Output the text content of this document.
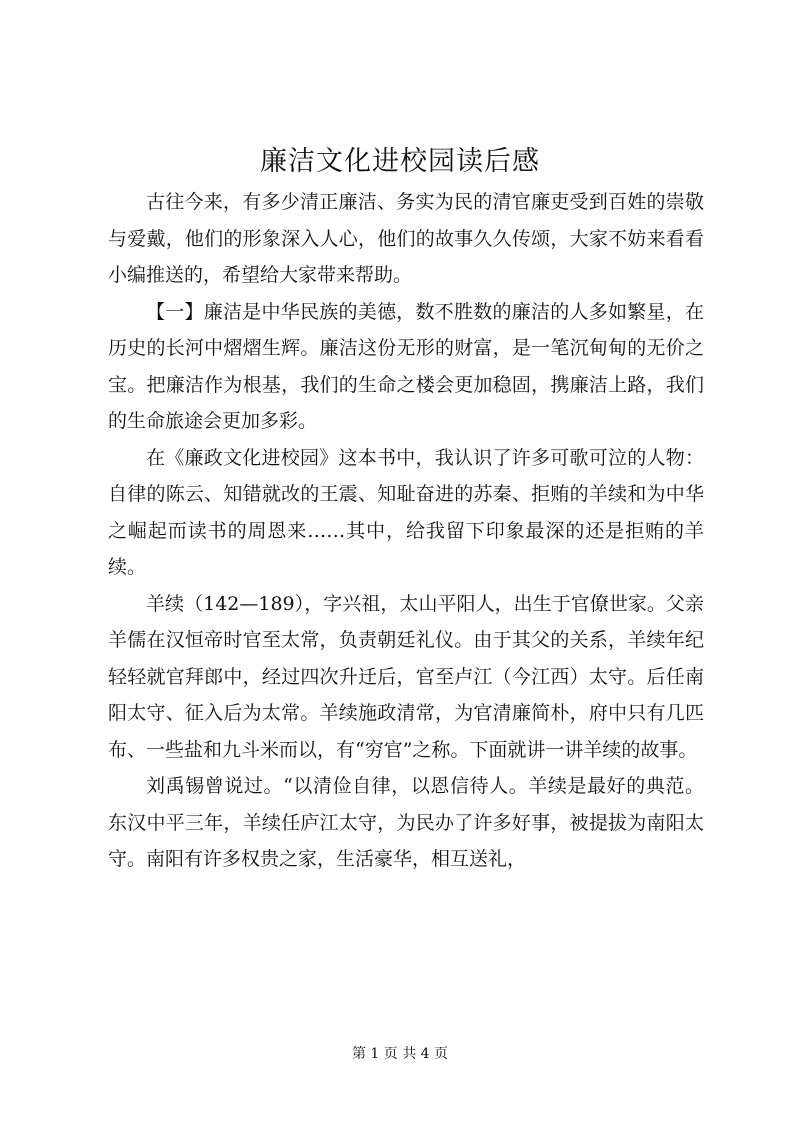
廉洁文化进校园读后感

古往今来，有多少清正廉洁、务实为民的清官廉吏受到百姓的崇敬与爱戴，他们的形象深入人心，他们的故事久久传颂，大家不妨来看看小编推送的，希望给大家带来帮助。

【一】廉洁是中华民族的美德，数不胜数的廉洁的人多如繁星，在历史的长河中熠熠生辉。廉洁这份无形的财富，是一笔沉甸甸的无价之宝。把廉洁作为根基，我们的生命之楼会更加稳固，携廉洁上路，我们的生命旅途会更加多彩。

在《廉政文化进校园》这本书中，我认识了许多可歌可泣的人物：自律的陈云、知错就改的王震、知耻奋进的苏秦、拒贿的羊续和为中华之崛起而读书的周恩来……其中，给我留下印象最深的还是拒贿的羊续。

羊续（142—189），字兴祖，太山平阳人，出生于官僚世家。父亲羊儒在汉恒帝时官至太常，负责朝廷礼仪。由于其父的关系，羊续年纪轻轻就官拜郎中，经过四次升迁后，官至卢江（今江西）太守。后任南阳太守、征入后为太常。羊续施政清常，为官清廉简朴，府中只有几匹布、一些盐和九斗米而以，有“穷官”之称。下面就讲一讲羊续的故事。

刘禹锡曾说过。“以清俭自律，以恩信待人。羊续是最好的典范。东汉中平三年，羊续任庐江太守，为民办了许多好事，被提拔为南阳太守。南阳有许多权贵之家，生活豪华，相互送礼，

第 1 页 共 4 页
